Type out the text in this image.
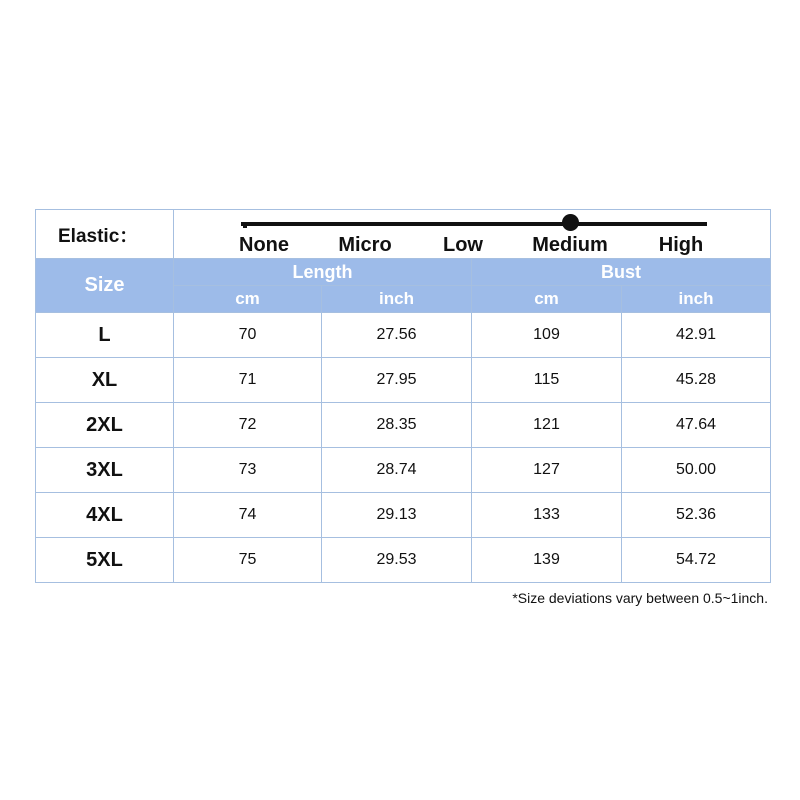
Elastic：	None Micro Low Medium High			

Size	Length		Bust	
	cm	inch	cm	inch
L	70	27.56	109	42.91
XL	71	27.95	115	45.28
2XL	72	28.35	121	47.64
3XL	73	28.74	127	50.00
4XL	74	29.13	133	52.36
5XL	75	29.53	139	54.72
*Size deviations vary between 0.5~1inch.
